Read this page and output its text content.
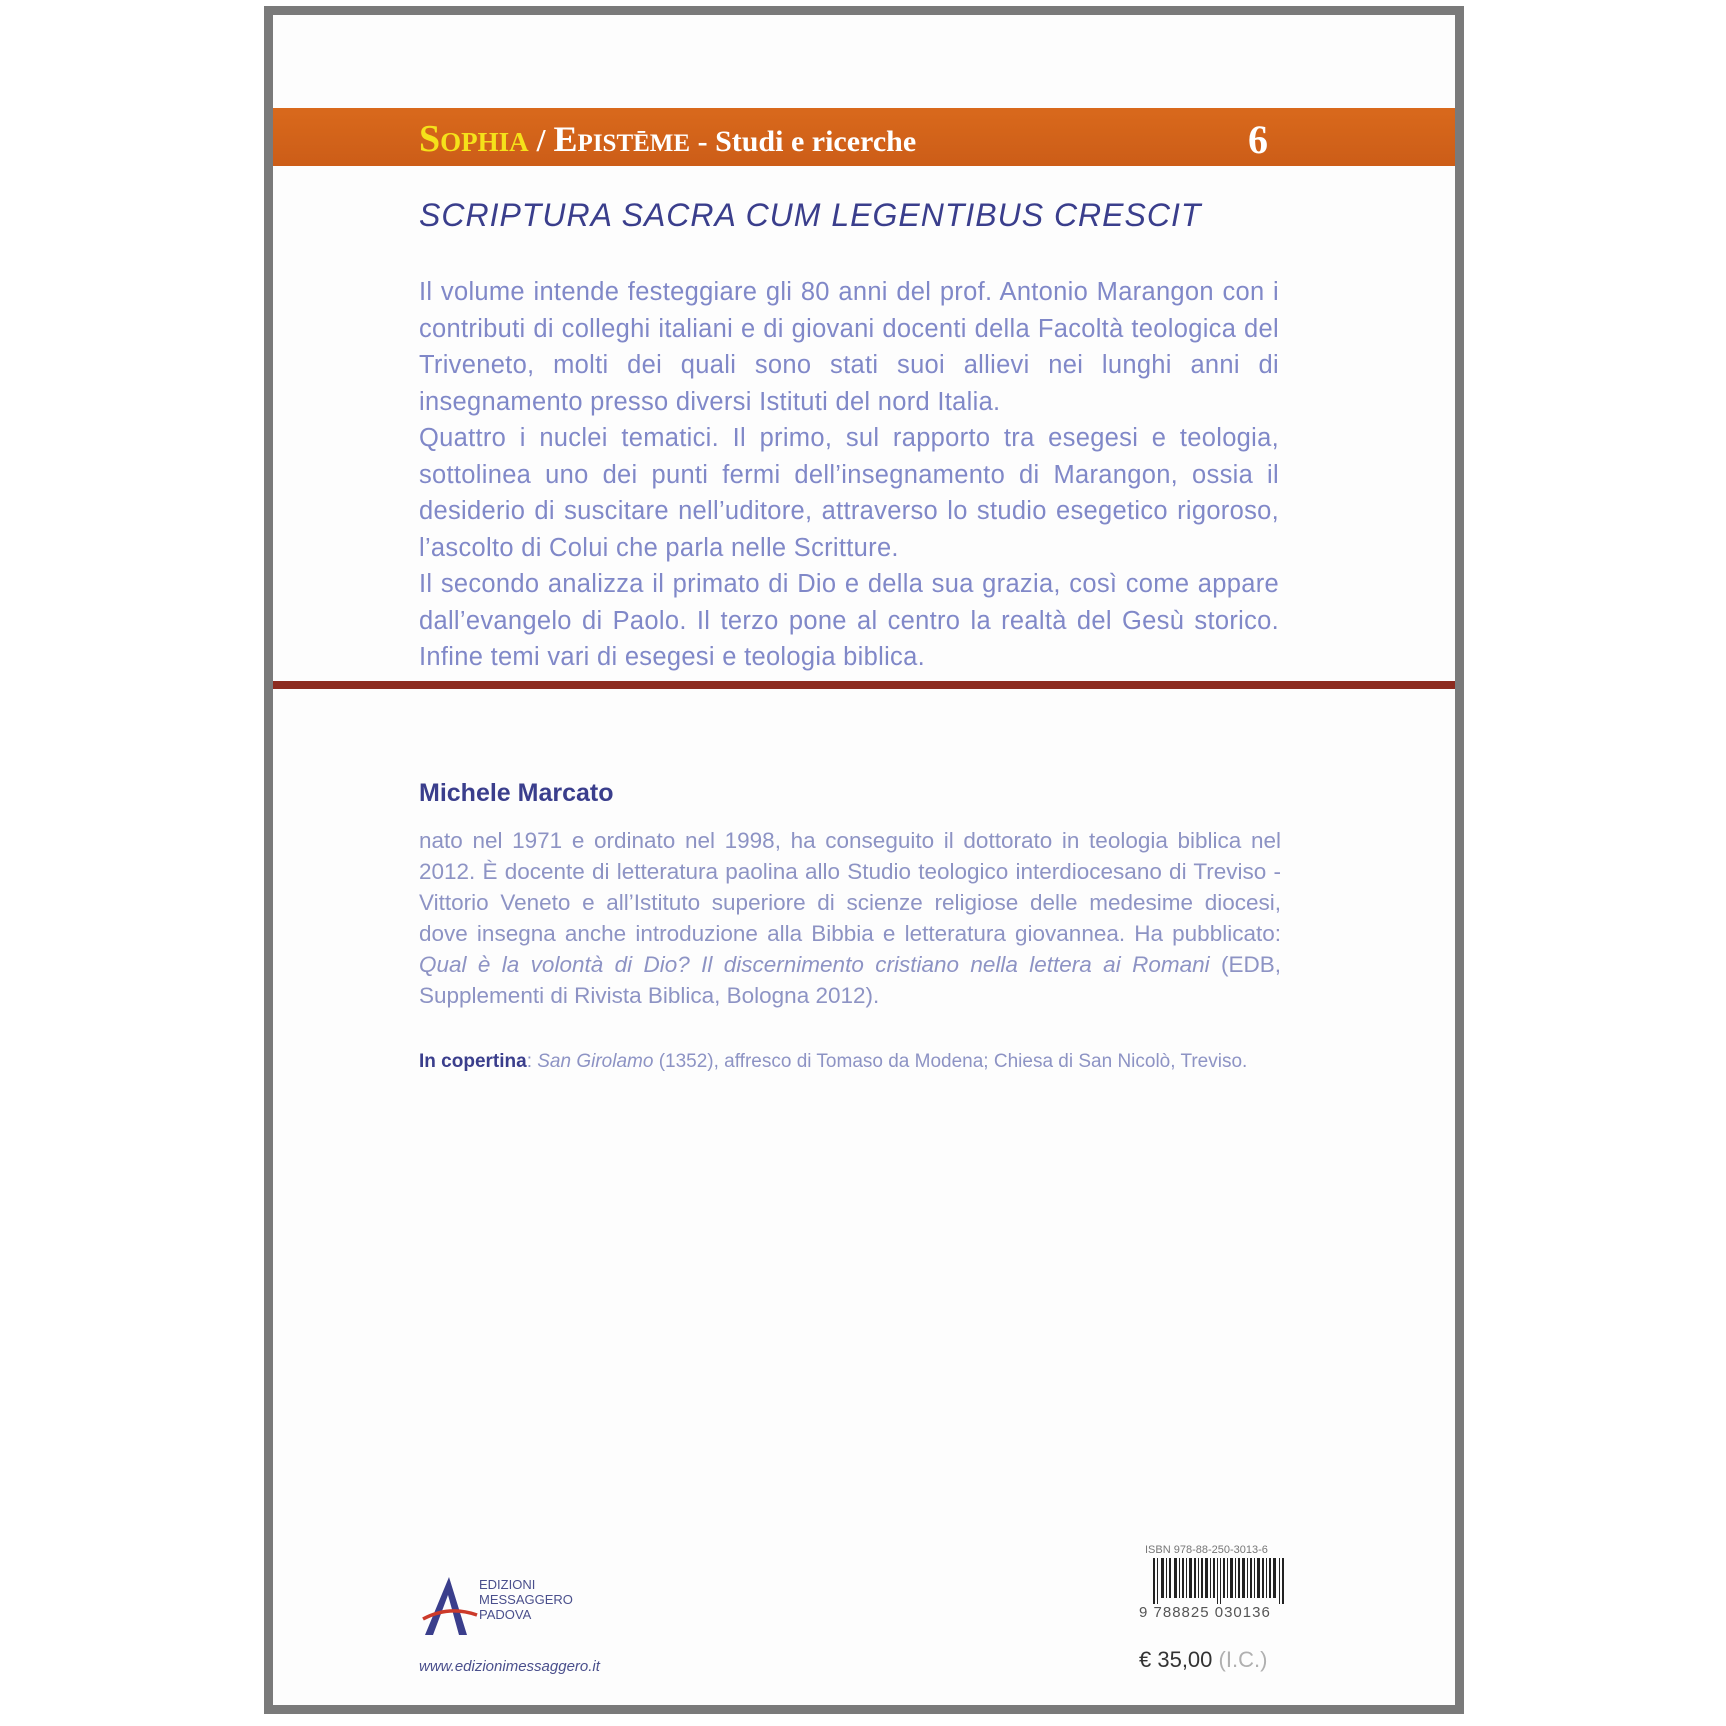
Sophia / Epistēme - Studi e ricerche	6
SCRIPTURA SACRA CUM LEGENTIBUS CRESCIT

Il volume intende festeggiare gli 80 anni del prof. Antonio Marangon con i contributi di colleghi italiani e di giovani docenti della Facoltà teologica del Triveneto, molti dei quali sono stati suoi allievi nei lunghi anni di insegnamento presso diversi Istituti del nord Italia.

Quattro i nuclei tematici. Il primo, sul rapporto tra esegesi e teologia, sottolinea uno dei punti fermi dell’insegnamento di Marangon, ossia il desiderio di suscitare nell’uditore, attraverso lo studio esegetico rigoroso, l’ascolto di Colui che parla nelle Scritture.

Il secondo analizza il primato di Dio e della sua grazia, così come appare dall’evangelo di Paolo. Il terzo pone al centro la realtà del Gesù storico. Infine temi vari di esegesi e teologia biblica.

Michele Marcato

nato nel 1971 e ordinato nel 1998, ha conseguito il dottorato in teologia biblica nel 2012. È docente di letteratura paolina allo Studio teologico interdiocesano di Treviso - Vittorio Veneto e all’Istituto superiore di scienze religiose delle medesime diocesi, dove insegna anche introduzione alla Bibbia e letteratura giovannea. Ha pubblicato: Qual è la volontà di Dio? Il discernimento cristiano nella lettera ai Romani (EDB, Supplementi di Rivista Biblica, Bologna 2012).

In copertina: San Girolamo (1352), affresco di Tomaso da Modena; Chiesa di San Nicolò, Treviso.
EDIZIONI
MESSAGGERO
PADOVA
www.edizionimessaggero.it
ISBN 978-88-250-3013-6
9 788825 030136
€ 35,00 (I.C.)
